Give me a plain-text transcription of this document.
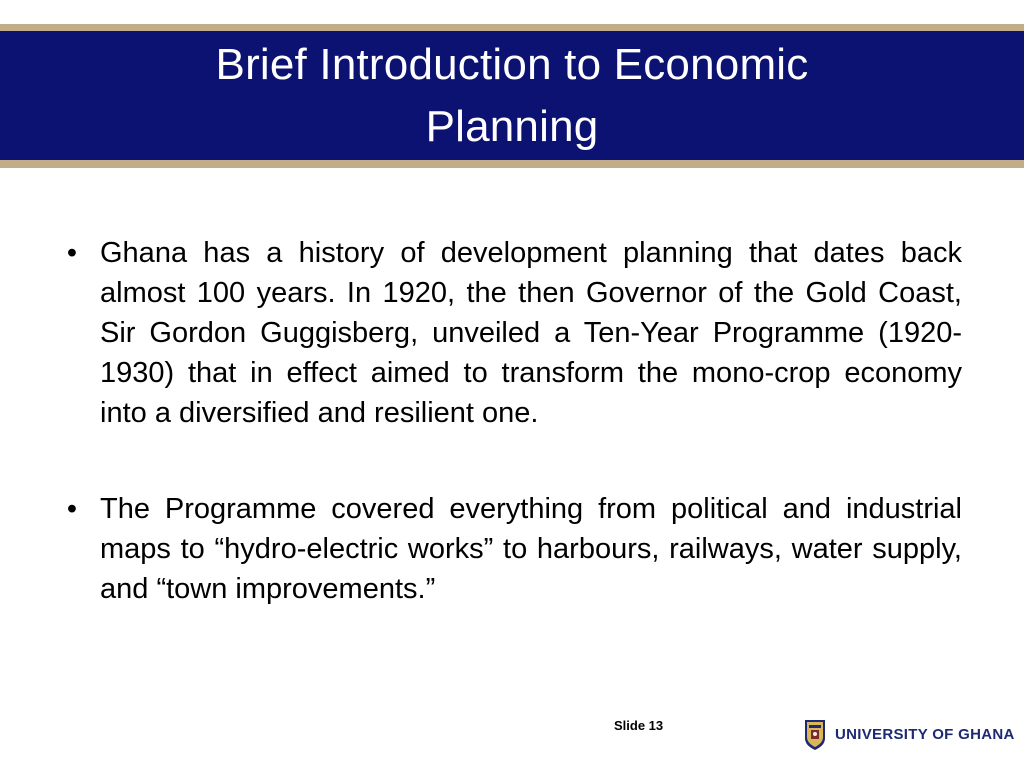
Brief Introduction to Economic Planning

• Ghana has a history of development planning that dates back almost 100 years. In 1920, the then Governor of the Gold Coast, Sir Gordon Guggisberg, unveiled a Ten-Year Programme (1920-1930) that in effect aimed to transform the mono-crop economy into a diversified and resilient one.

• The Programme covered everything from political and industrial maps to “hydro-electric works” to harbours, railways, water supply, and “town improvements.”

Slide 13	UNIVERSITY OF GHANA
